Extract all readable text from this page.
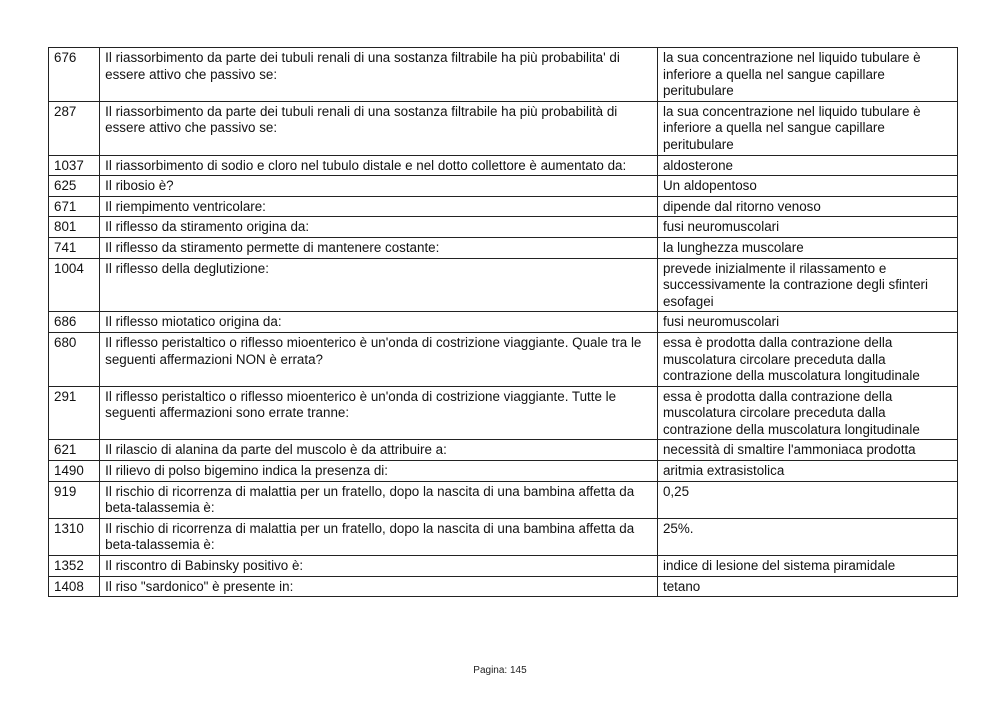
676	Il riassorbimento da parte dei tubuli renali di una sostanza filtrabile ha più probabilita' di essere attivo che passivo se:	la sua concentrazione nel liquido tubulare è inferiore a quella nel sangue capillare peritubulare
287	Il riassorbimento da parte dei tubuli renali di una sostanza filtrabile ha più probabilità di essere attivo che passivo se:	la sua concentrazione nel liquido tubulare è inferiore a quella nel sangue capillare peritubulare
1037	Il riassorbimento di sodio e cloro nel tubulo distale e nel dotto collettore è aumentato da:	aldosterone
625	Il ribosio è?	Un aldopentoso
671	Il riempimento ventricolare:	dipende dal ritorno venoso
801	Il riflesso da stiramento origina da:	fusi neuromuscolari
741	Il riflesso da stiramento permette di mantenere costante:	la lunghezza muscolare
1004	Il riflesso della deglutizione:	prevede inizialmente il rilassamento e successivamente la contrazione degli sfinteri esofagei
686	Il riflesso miotatico origina da:	fusi neuromuscolari
680	Il riflesso peristaltico o riflesso mioenterico è un'onda di costrizione viaggiante. Quale tra le seguenti affermazioni NON è errata?	essa è prodotta dalla contrazione della muscolatura circolare preceduta dalla contrazione della muscolatura longitudinale
291	Il riflesso peristaltico o riflesso mioenterico è un'onda di costrizione viaggiante. Tutte le seguenti affermazioni sono errate tranne:	essa è prodotta dalla contrazione della muscolatura circolare preceduta dalla contrazione della muscolatura longitudinale
621	Il rilascio di alanina da parte del muscolo è da attribuire a:	necessità di smaltire l'ammoniaca prodotta
1490	Il rilievo di polso bigemino indica la presenza di:	aritmia extrasistolica
919	Il rischio di ricorrenza di malattia per un fratello, dopo la nascita di una bambina affetta da beta-talassemia è:	0,25
1310	Il rischio di ricorrenza di malattia per un fratello, dopo la nascita di una bambina affetta da beta-talassemia è:	25%.
1352	Il riscontro di Babinsky positivo è:	indice di lesione del sistema piramidale
1408	Il riso "sardonico" è presente in:	tetano
Pagina: 145
